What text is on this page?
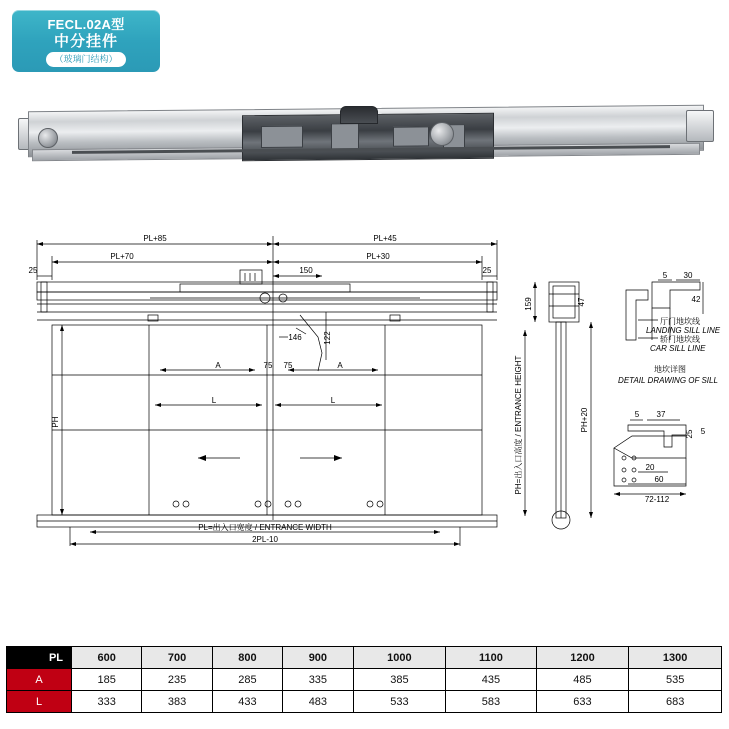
FECL.02A型
中分挂件
（玻璃门结构）
PL+85	PL+45
PL+70	PL+30
25	25
150
146	122
A	A
75 75
L	L
PH
PL=出入口宽度 / ENTRANCE WIDTH
2PL-10
159	47
PH+20
PH=出入口高度 / ENTRANCE HEIGHT
5 30
42
厅门地坎线
LANDING SILL LINE
轿门地坎线
CAR SILL LINE
地坎详图
DETAIL DRAWING OF SILL
5 37
25 5
20
60
72-112
PL	600	700	800	900	1000	1100	1200	1300
A	185	235	285	335	385	435	485	535
L	333	383	433	483	533	583	633	683
